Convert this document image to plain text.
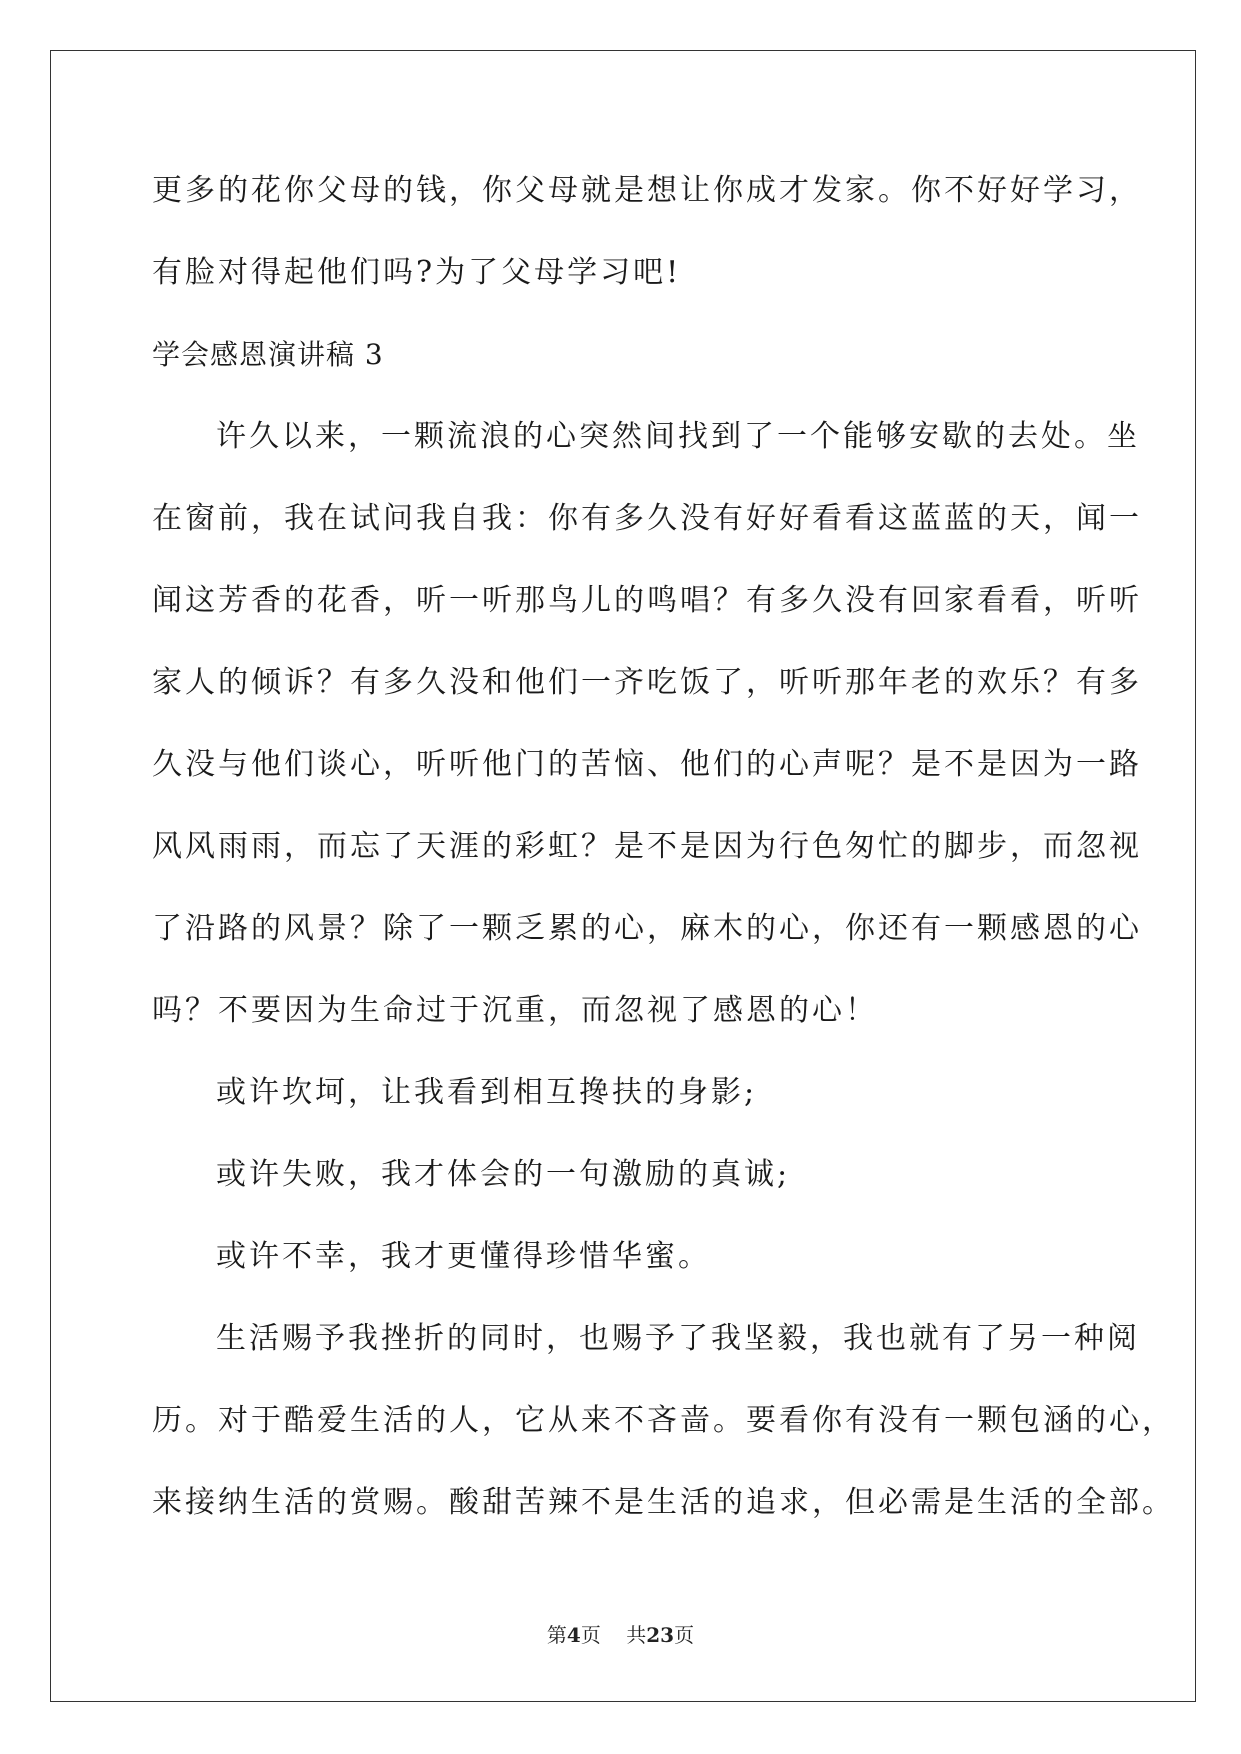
更多的花你父母的钱，你父母就是想让你成才发家。你不好好学习，
有脸对得起他们吗?为了父母学习吧!
学会感恩演讲稿 3
许久以来，一颗流浪的心突然间找到了一个能够安歇的去处。坐
在窗前，我在试问我自我：你有多久没有好好看看这蓝蓝的天，闻一
闻这芳香的花香，听一听那鸟儿的鸣唱？有多久没有回家看看，听听
家人的倾诉？有多久没和他们一齐吃饭了，听听那年老的欢乐？有多
久没与他们谈心，听听他门的苦恼、他们的心声呢？是不是因为一路
风风雨雨，而忘了天涯的彩虹？是不是因为行色匆忙的脚步，而忽视
了沿路的风景？除了一颗乏累的心，麻木的心，你还有一颗感恩的心
吗？不要因为生命过于沉重，而忽视了感恩的心！
或许坎坷，让我看到相互搀扶的身影;
或许失败，我才体会的一句激励的真诚;
或许不幸，我才更懂得珍惜华蜜。
生活赐予我挫折的同时，也赐予了我坚毅，我也就有了另一种阅
历。对于酷爱生活的人，它从来不吝啬。要看你有没有一颗包涵的心，
来接纳生活的赏赐。酸甜苦辣不是生活的追求，但必需是生活的全部。
第4页 共23页
